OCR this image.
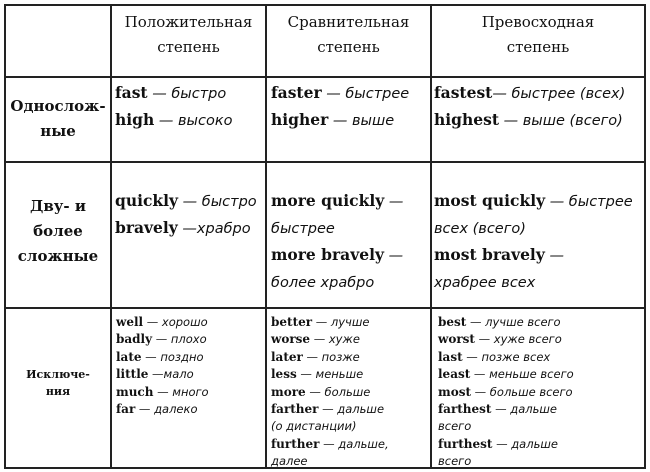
Положительная
степень
Сравнительная
степень
Превосходная
степень
Однослож-
ные
Дву- и
более
сложные
Исключе-
ния
fast — быстро
high — высоко
faster — быстрее
higher — выше
fastest— быстрее (всех)
highest — выше (всего)
quickly — быстро
bravely —храбро
more quickly —
быстрее
more bravely —
более храбро
most quickly — быстрее
всех (всего)
most bravely —
храбрее всех
well — хорошо
badly — плохо
late — поздно
little —мало
much — много
far — далеко
better — лучше
worse — хуже
later — позже
less — меньше
more — больше
farther — дальше
(о дистанции)
further — дальше,
далее
best — лучше всего
worst — хуже всего
last — позже всех
least — меньше всего
most — больше всего
farthest — дальше
всего
furthest — дальше
всего
